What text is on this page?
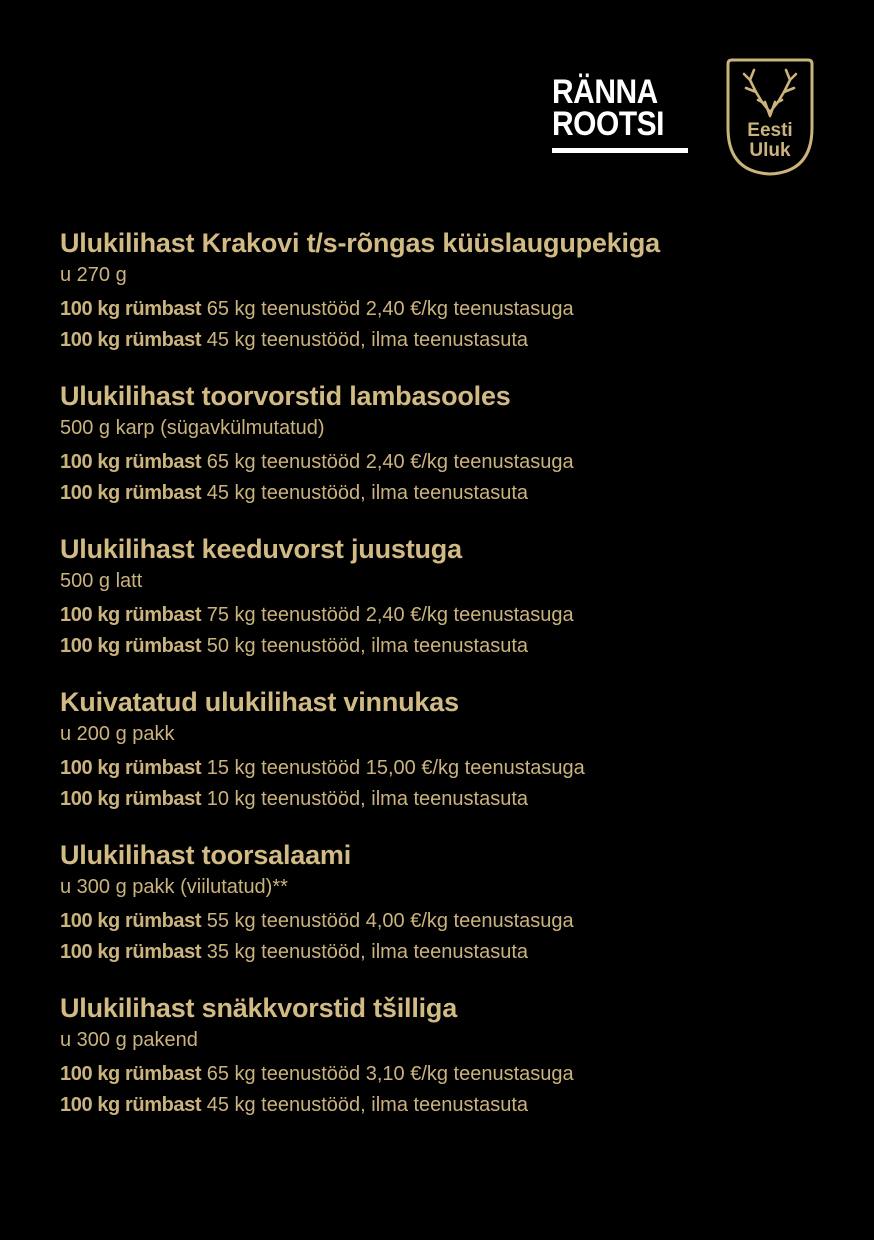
RÄNNA
ROOTSI	Eesti
Uluk
Ulukilihast Krakovi t/s-rõngas küüslaugupekiga
u 270 g
100 kg rümbast 65 kg teenustööd 2,40 €/kg teenustasuga
100 kg rümbast 45 kg teenustööd, ilma teenustasuta
Ulukilihast toorvorstid lambasooles
500 g karp (sügavkülmutatud)
100 kg rümbast 65 kg teenustööd 2,40 €/kg teenustasuga
100 kg rümbast 45 kg teenustööd, ilma teenustasuta
Ulukilihast keeduvorst juustuga
500 g latt
100 kg rümbast 75 kg teenustööd 2,40 €/kg teenustasuga
100 kg rümbast 50 kg teenustööd, ilma teenustasuta
Kuivatatud ulukilihast vinnukas
u 200 g pakk
100 kg rümbast 15 kg teenustööd 15,00 €/kg teenustasuga
100 kg rümbast 10 kg teenustööd, ilma teenustasuta
Ulukilihast toorsalaami
u 300 g pakk (viilutatud)**
100 kg rümbast 55 kg teenustööd 4,00 €/kg teenustasuga
100 kg rümbast 35 kg teenustööd, ilma teenustasuta
Ulukilihast snäkkvorstid tšilliga
u 300 g pakend
100 kg rümbast 65 kg teenustööd 3,10 €/kg teenustasuga
100 kg rümbast 45 kg teenustööd, ilma teenustasuta
